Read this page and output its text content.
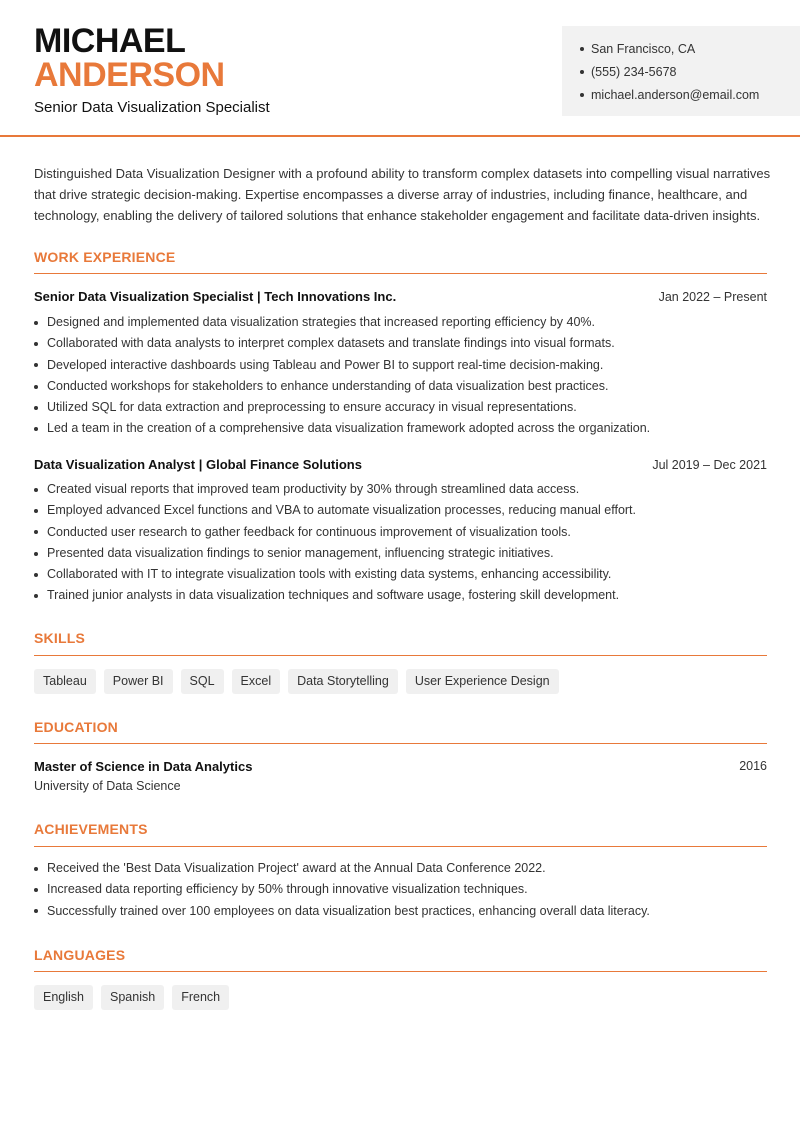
MICHAEL
ANDERSON
Senior Data Visualization Specialist
San Francisco, CA
(555) 234-5678
michael.anderson@email.com

Distinguished Data Visualization Designer with a profound ability to transform complex datasets into compelling visual narratives that drive strategic decision-making. Expertise encompasses a diverse array of industries, including finance, healthcare, and technology, enabling the delivery of tailored solutions that enhance stakeholder engagement and facilitate data-driven insights.

WORK EXPERIENCE
Senior Data Visualization Specialist | Tech Innovations Inc.	Jan 2022 – Present
Designed and implemented data visualization strategies that increased reporting efficiency by 40%.
Collaborated with data analysts to interpret complex datasets and translate findings into visual formats.
Developed interactive dashboards using Tableau and Power BI to support real-time decision-making.
Conducted workshops for stakeholders to enhance understanding of data visualization best practices.
Utilized SQL for data extraction and preprocessing to ensure accuracy in visual representations.
Led a team in the creation of a comprehensive data visualization framework adopted across the organization.
Data Visualization Analyst | Global Finance Solutions	Jul 2019 – Dec 2021
Created visual reports that improved team productivity by 30% through streamlined data access.
Employed advanced Excel functions and VBA to automate visualization processes, reducing manual effort.
Conducted user research to gather feedback for continuous improvement of visualization tools.
Presented data visualization findings to senior management, influencing strategic initiatives.
Collaborated with IT to integrate visualization tools with existing data systems, enhancing accessibility.
Trained junior analysts in data visualization techniques and software usage, fostering skill development.
SKILLS
Tableau	Power BI	SQL	Excel	Data Storytelling	User Experience Design
EDUCATION
Master of Science in Data Analytics	2016
University of Data Science
ACHIEVEMENTS
Received the 'Best Data Visualization Project' award at the Annual Data Conference 2022.
Increased data reporting efficiency by 50% through innovative visualization techniques.
Successfully trained over 100 employees on data visualization best practices, enhancing overall data literacy.
LANGUAGES
English	Spanish	French
